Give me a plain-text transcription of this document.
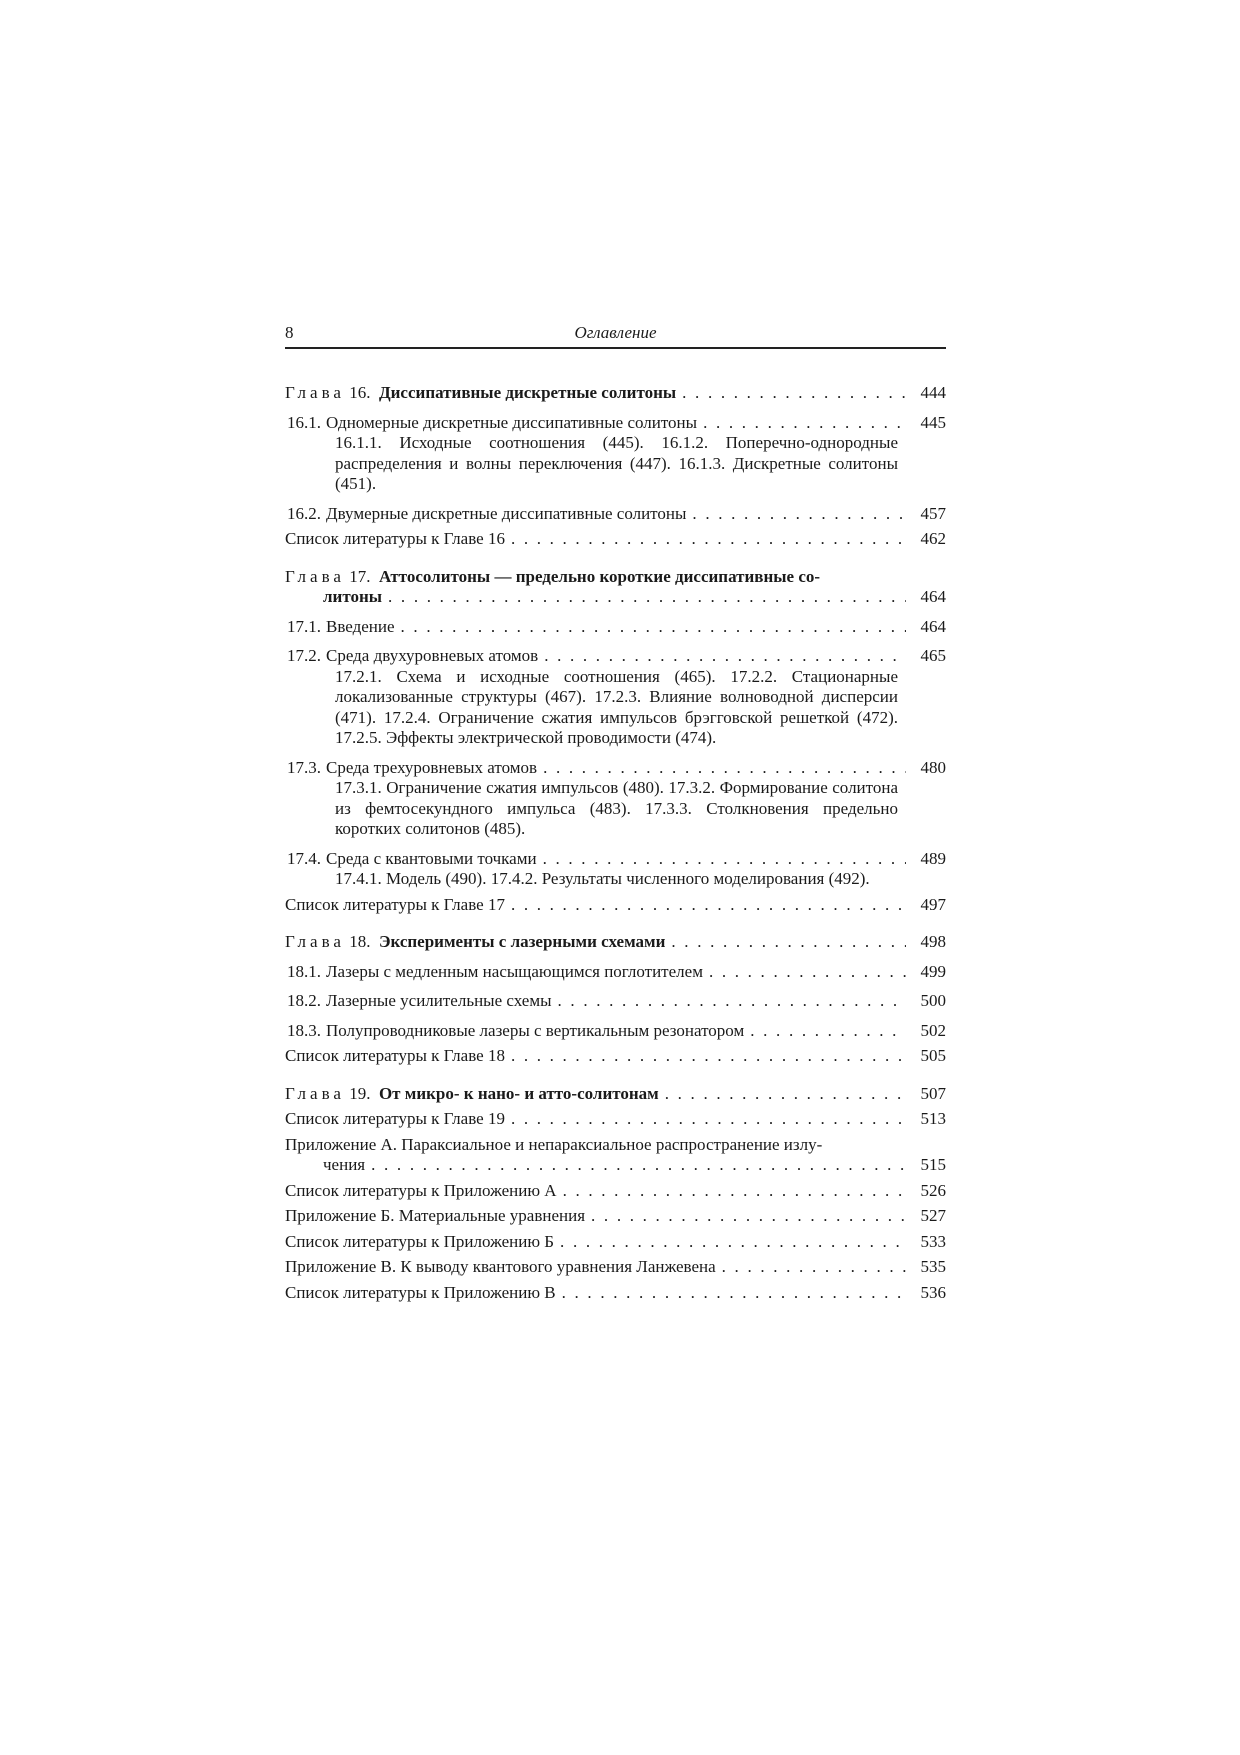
8	Оглавление
Глава 16. Диссипативные дискретные солитоны . . .	444
16.1. Одномерные дискретные диссипативные солитоны . . .	445
16.1.1. Исходные соотношения (445). 16.1.2. Поперечно-однородные распределения и волны переключения (447). 16.1.3. Дискретные солитоны (451).
16.2. Двумерные дискретные диссипативные солитоны . . .	457
Список литературы к Главе 16 . . .	462
Глава 17. Аттосолитоны — предельно короткие диссипативные со-
литоны . . .	464
17.1. Введение . . .	464
17.2. Среда двухуровневых атомов . . .	465
17.2.1. Схема и исходные соотношения (465). 17.2.2. Стационарные локализованные структуры (467). 17.2.3. Влияние волноводной дисперсии (471). 17.2.4. Ограничение сжатия импульсов брэгговской решеткой (472). 17.2.5. Эффекты электрической проводимости (474).
17.3. Среда трехуровневых атомов . . .	480
17.3.1. Ограничение сжатия импульсов (480). 17.3.2. Формирование солитона из фемтосекундного импульса (483). 17.3.3. Столкновения предельно коротких солитонов (485).
17.4. Среда с квантовыми точками . . .	489
17.4.1. Модель (490). 17.4.2. Результаты численного моделирования (492).
Список литературы к Главе 17 . . .	497
Глава 18. Эксперименты с лазерными схемами . . .	498
18.1. Лазеры с медленным насыщающимся поглотителем . . .	499
18.2. Лазерные усилительные схемы . . .	500
18.3. Полупроводниковые лазеры с вертикальным резонатором . . .	502
Список литературы к Главе 18 . . .	505
Глава 19. От микро- к нано- и атто-солитонам . . .	507
Список литературы к Главе 19 . . .	513
Приложение А. Параксиальное и непараксиальное распространение излу-
чения . . .	515
Список литературы к Приложению А . . .	526
Приложение Б. Материальные уравнения . . .	527
Список литературы к Приложению Б . . .	533
Приложение В. К выводу квантового уравнения Ланжевена . . .	535
Список литературы к Приложению В . . .	536
